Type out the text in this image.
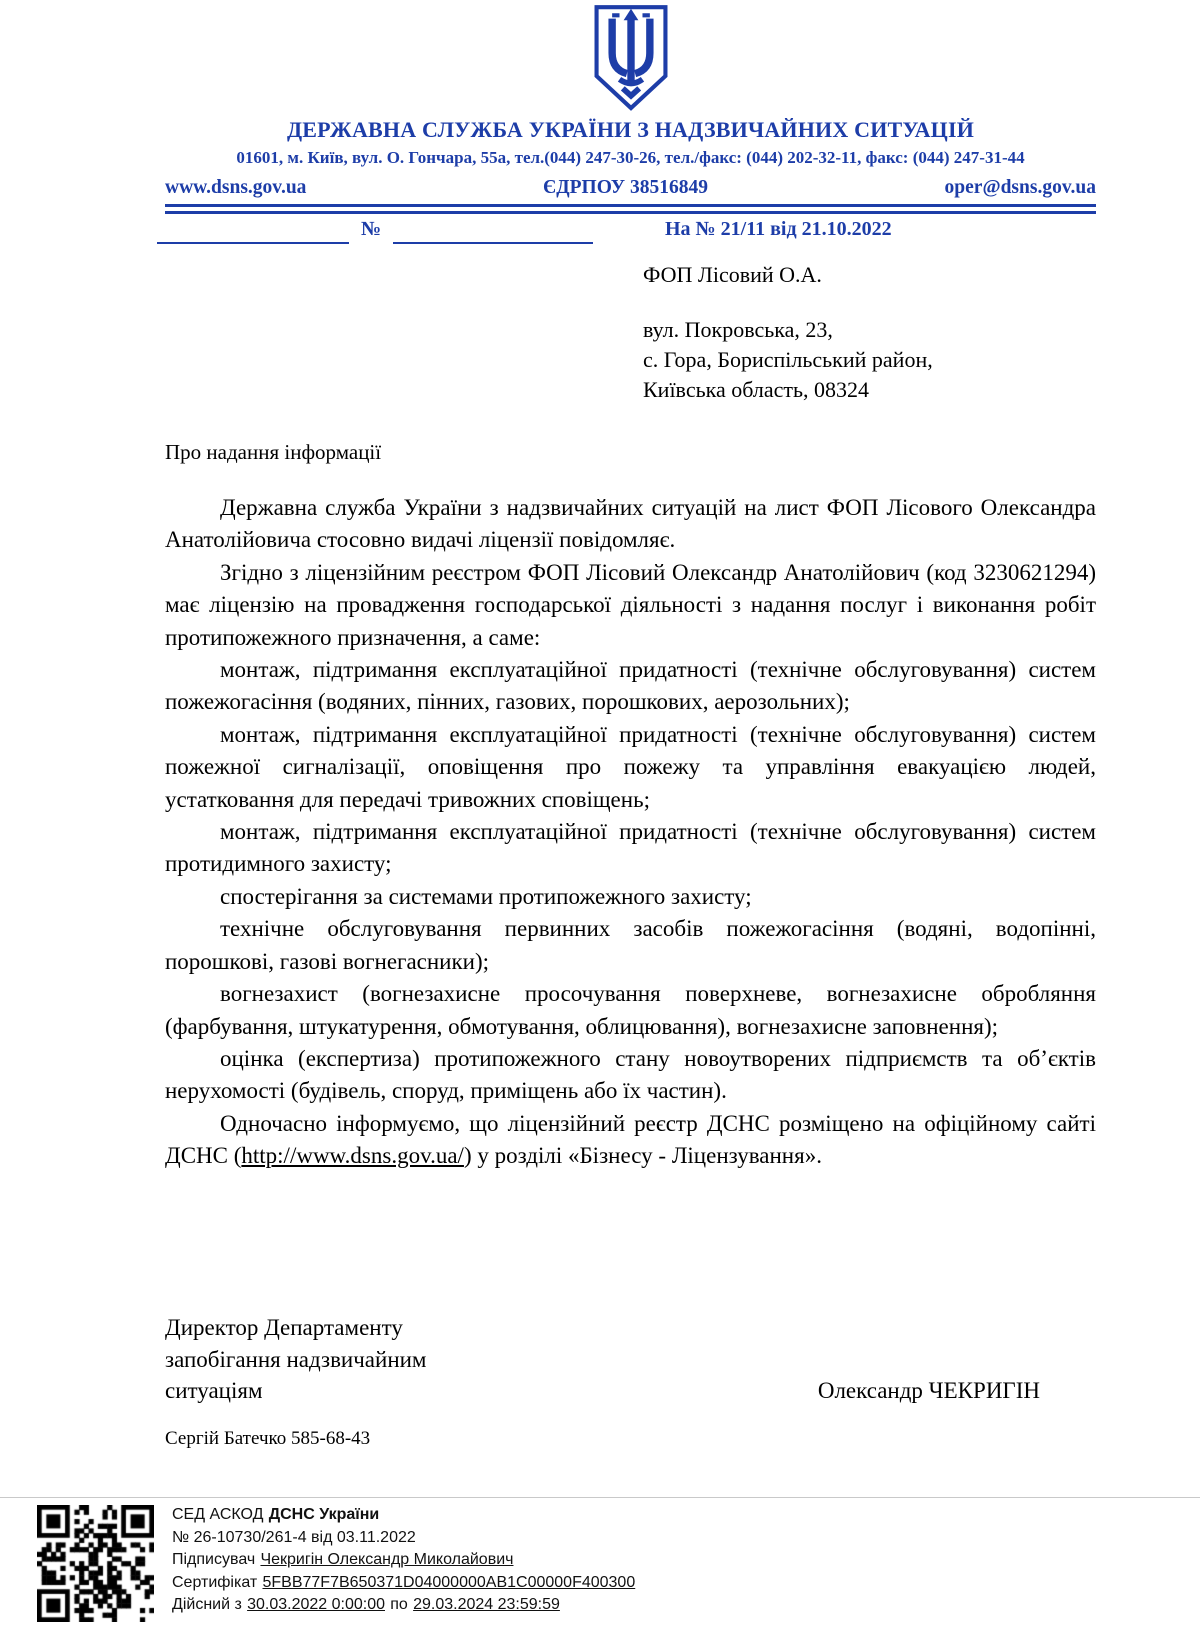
ДЕРЖАВНА СЛУЖБА УКРАЇНИ З НАДЗВИЧАЙНИХ СИТУАЦІЙ
01601, м. Київ, вул. О. Гончара, 55а, тел.(044) 247-30-26, тел./факс: (044) 202-32-11, факс: (044) 247-31-44
www.dsns.gov.ua	ЄДРПОУ 38516849	oper@dsns.gov.ua
№	На № 21/11 від 21.10.2022
ФОП Лісовий О.А.
вул. Покровська, 23,
с. Гора, Бориспільський район,
Київська область, 08324
Про надання інформації

Державна служба України з надзвичайних ситуацій на лист ФОП Лісового Олександра Анатолійовича стосовно видачі ліцензії повідомляє.

Згідно з ліцензійним реєстром ФОП Лісовий Олександр Анатолійович (код 3230621294) має ліцензію на провадження господарської діяльності з надання послуг і виконання робіт протипожежного призначення, а саме:

монтаж, підтримання експлуатаційної придатності (технічне обслуговування) систем пожежогасіння (водяних, пінних, газових, порошкових, аерозольних);

монтаж, підтримання експлуатаційної придатності (технічне обслуговування) систем пожежної сигналізації, оповіщення про пожежу та управління евакуацією людей, устатковання для передачі тривожних сповіщень;

монтаж, підтримання експлуатаційної придатності (технічне обслуговування) систем протидимного захисту;

спостерігання за системами протипожежного захисту;

технічне обслуговування первинних засобів пожежогасіння (водяні, водопінні, порошкові, газові вогнегасники);

вогнезахист (вогнезахисне просочування поверхневе, вогнезахисне обробляння (фарбування, штукатурення, обмотування, облицювання), вогнезахисне заповнення);

оцінка (експертиза) протипожежного стану новоутворених підприємств та об’єктів нерухомості (будівель, споруд, приміщень або їх частин).

Одночасно інформуємо, що ліцензійний реєстр ДСНС розміщено на офіційному сайті ДСНС (http://www.dsns.gov.ua/) у розділі «Бізнесу - Ліцензування».

Директор Департаменту
запобігання надзвичайним
ситуаціям	Олександр ЧЕКРИГІН
Сергій Батечко 585-68-43
СЕД АСКОД ДСНС України
№ 26-10730/261-4 від 03.11.2022
Підписувач Чекригін Олександр Миколайович
Сертифікат 5FBB77F7B650371D04000000AB1C00000F400300
Дійсний з 30.03.2022 0:00:00 по 29.03.2024 23:59:59
